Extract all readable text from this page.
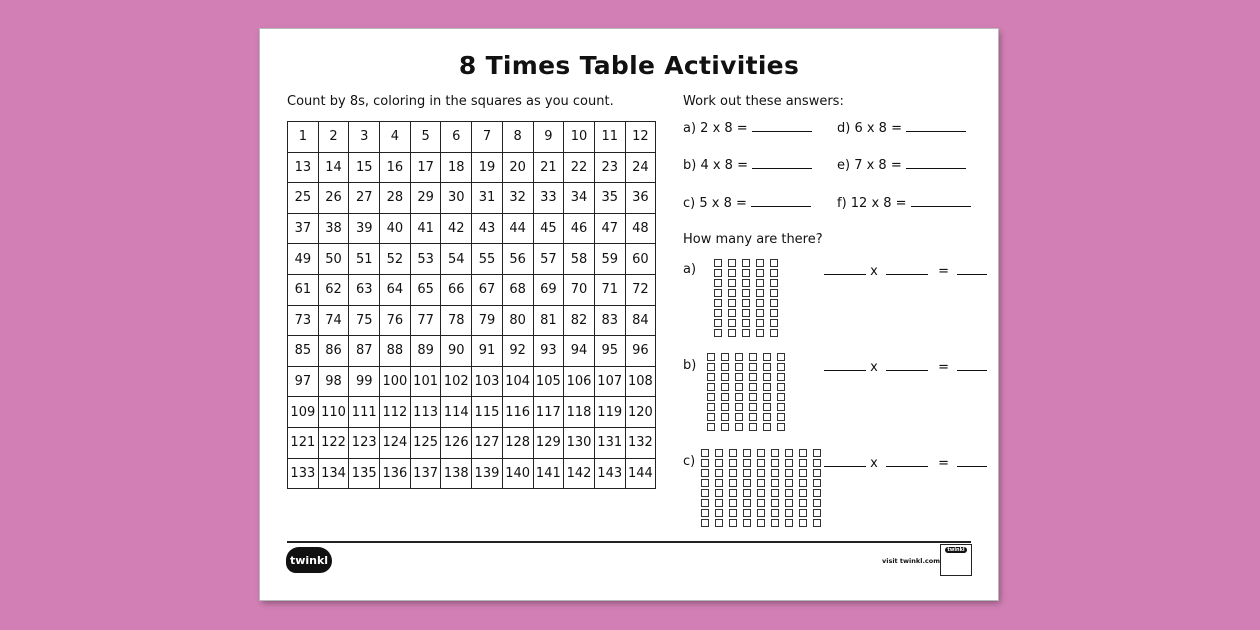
8 Times Table Activities
Count by 8s, coloring in the squares as you count.
1	2	3	4	5	6	7	8	9	10	11	12
13	14	15	16	17	18	19	20	21	22	23	24
25	26	27	28	29	30	31	32	33	34	35	36
37	38	39	40	41	42	43	44	45	46	47	48
49	50	51	52	53	54	55	56	57	58	59	60
61	62	63	64	65	66	67	68	69	70	71	72
73	74	75	76	77	78	79	80	81	82	83	84
85	86	87	88	89	90	91	92	93	94	95	96
97	98	99	100	101	102	103	104	105	106	107	108
109	110	111	112	113	114	115	116	117	118	119	120
121	122	123	124	125	126	127	128	129	130	131	132
133	134	135	136	137	138	139	140	141	142	143	144
Work out these answers:
a) 2 x 8 =	d) 6 x 8 =
b) 4 x 8 =	e) 7 x 8 =
c) 5 x 8 =	f) 12 x 8 =
How many are there?
a)	x	=
b)	x	=
c)	x	=
twinkl	visit twinkl.com
twinkl
